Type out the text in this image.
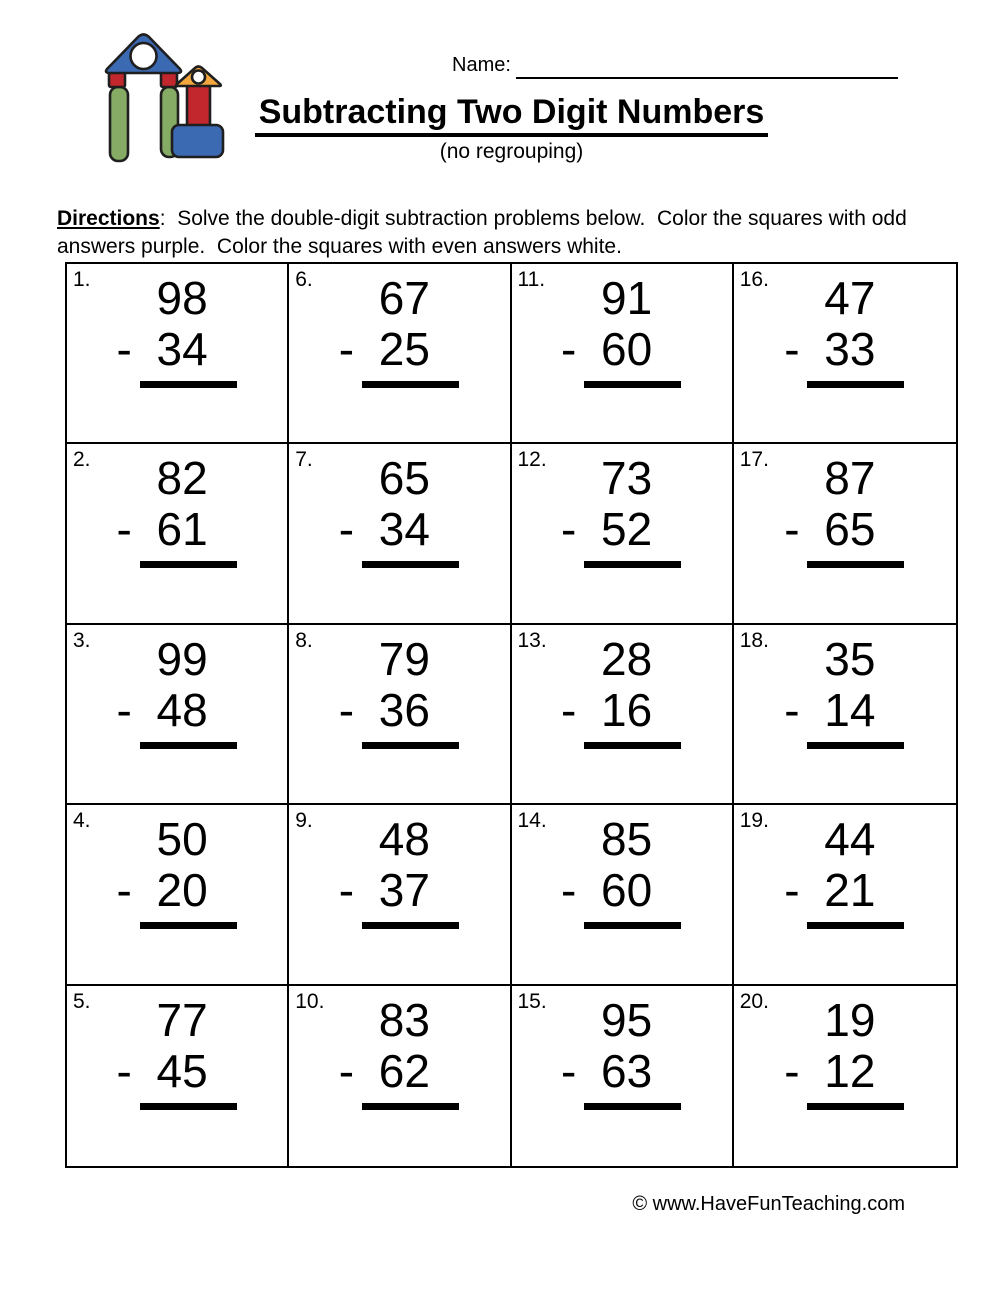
Name:
Subtracting Two Digit Numbers
(no regrouping)

Directions:  Solve the double-digit subtraction problems below.  Color the squares with odd answers purple.  Color the squares with even answers white.

1. 98
- 34
6. 67
- 25
11. 91
- 60
16. 47
- 33
2. 82
- 61
7. 65
- 34
12. 73
- 52
17. 87
- 65
3. 99
- 48
8. 79
- 36
13. 28
- 16
18. 35
- 14
4. 50
- 20
9. 48
- 37
14. 85
- 60
19. 44
- 21
5. 77
- 45
10. 83
- 62
15. 95
- 63
20. 19
- 12
© www.HaveFunTeaching.com
